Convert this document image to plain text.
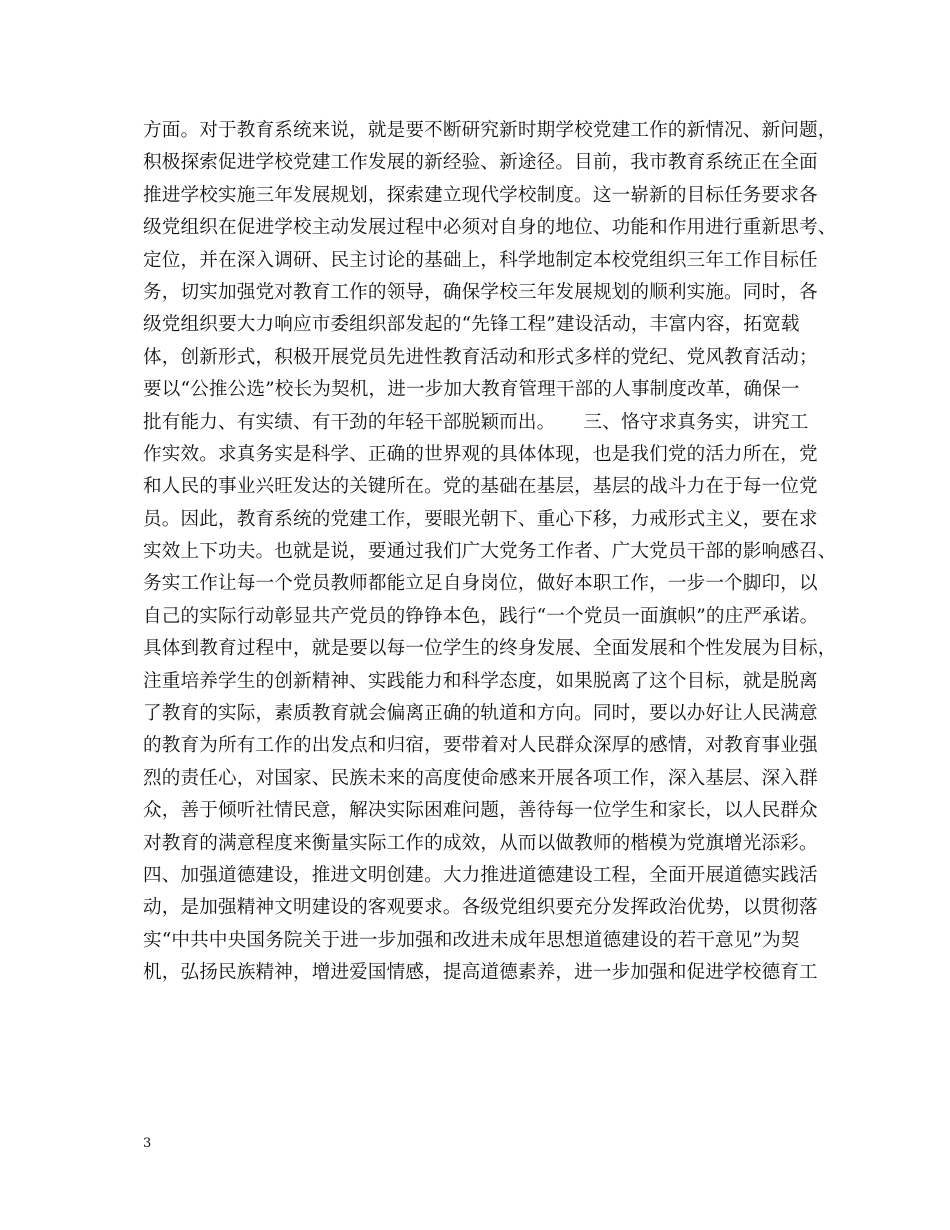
方面。对于教育系统来说，就是要不断研究新时期学校党建工作的新情况、新问题，
积极探索促进学校党建工作发展的新经验、新途径。目前，我市教育系统正在全面
推进学校实施三年发展规划，探索建立现代学校制度。这一崭新的目标任务要求各
级党组织在促进学校主动发展过程中必须对自身的地位、功能和作用进行重新思考、
定位，并在深入调研、民主讨论的基础上，科学地制定本校党组织三年工作目标任
务，切实加强党对教育工作的领导，确保学校三年发展规划的顺利实施。同时，各
级党组织要大力响应市委组织部发起的“先锋工程”建设活动，丰富内容，拓宽载
体，创新形式，积极开展党员先进性教育活动和形式多样的党纪、党风教育活动；
要以“公推公选”校长为契机，进一步加大教育管理干部的人事制度改革，确保一
批有能力、有实绩、有干劲的年轻干部脱颖而出。　　三、恪守求真务实，讲究工
作实效。求真务实是科学、正确的世界观的具体体现，也是我们党的活力所在，党
和人民的事业兴旺发达的关键所在。党的基础在基层，基层的战斗力在于每一位党
员。因此，教育系统的党建工作，要眼光朝下、重心下移，力戒形式主义，要在求
实效上下功夫。也就是说，要通过我们广大党务工作者、广大党员干部的影响感召、
务实工作让每一个党员教师都能立足自身岗位，做好本职工作，一步一个脚印，以
自己的实际行动彰显共产党员的铮铮本色，践行“一个党员一面旗帜”的庄严承诺。
具体到教育过程中，就是要以每一位学生的终身发展、全面发展和个性发展为目标，
注重培养学生的创新精神、实践能力和科学态度，如果脱离了这个目标，就是脱离
了教育的实际，素质教育就会偏离正确的轨道和方向。同时，要以办好让人民满意
的教育为所有工作的出发点和归宿，要带着对人民群众深厚的感情，对教育事业强
烈的责任心，对国家、民族未来的高度使命感来开展各项工作，深入基层、深入群
众，善于倾听社情民意，解决实际困难问题，善待每一位学生和家长，以人民群众
对教育的满意程度来衡量实际工作的成效，从而以做教师的楷模为党旗增光添彩。
四、加强道德建设，推进文明创建。大力推进道德建设工程，全面开展道德实践活
动，是加强精神文明建设的客观要求。各级党组织要充分发挥政治优势，以贯彻落
实“中共中央国务院关于进一步加强和改进未成年思想道德建设的若干意见”为契
机，弘扬民族精神，增进爱国情感，提高道德素养，进一步加强和促进学校德育工
3
